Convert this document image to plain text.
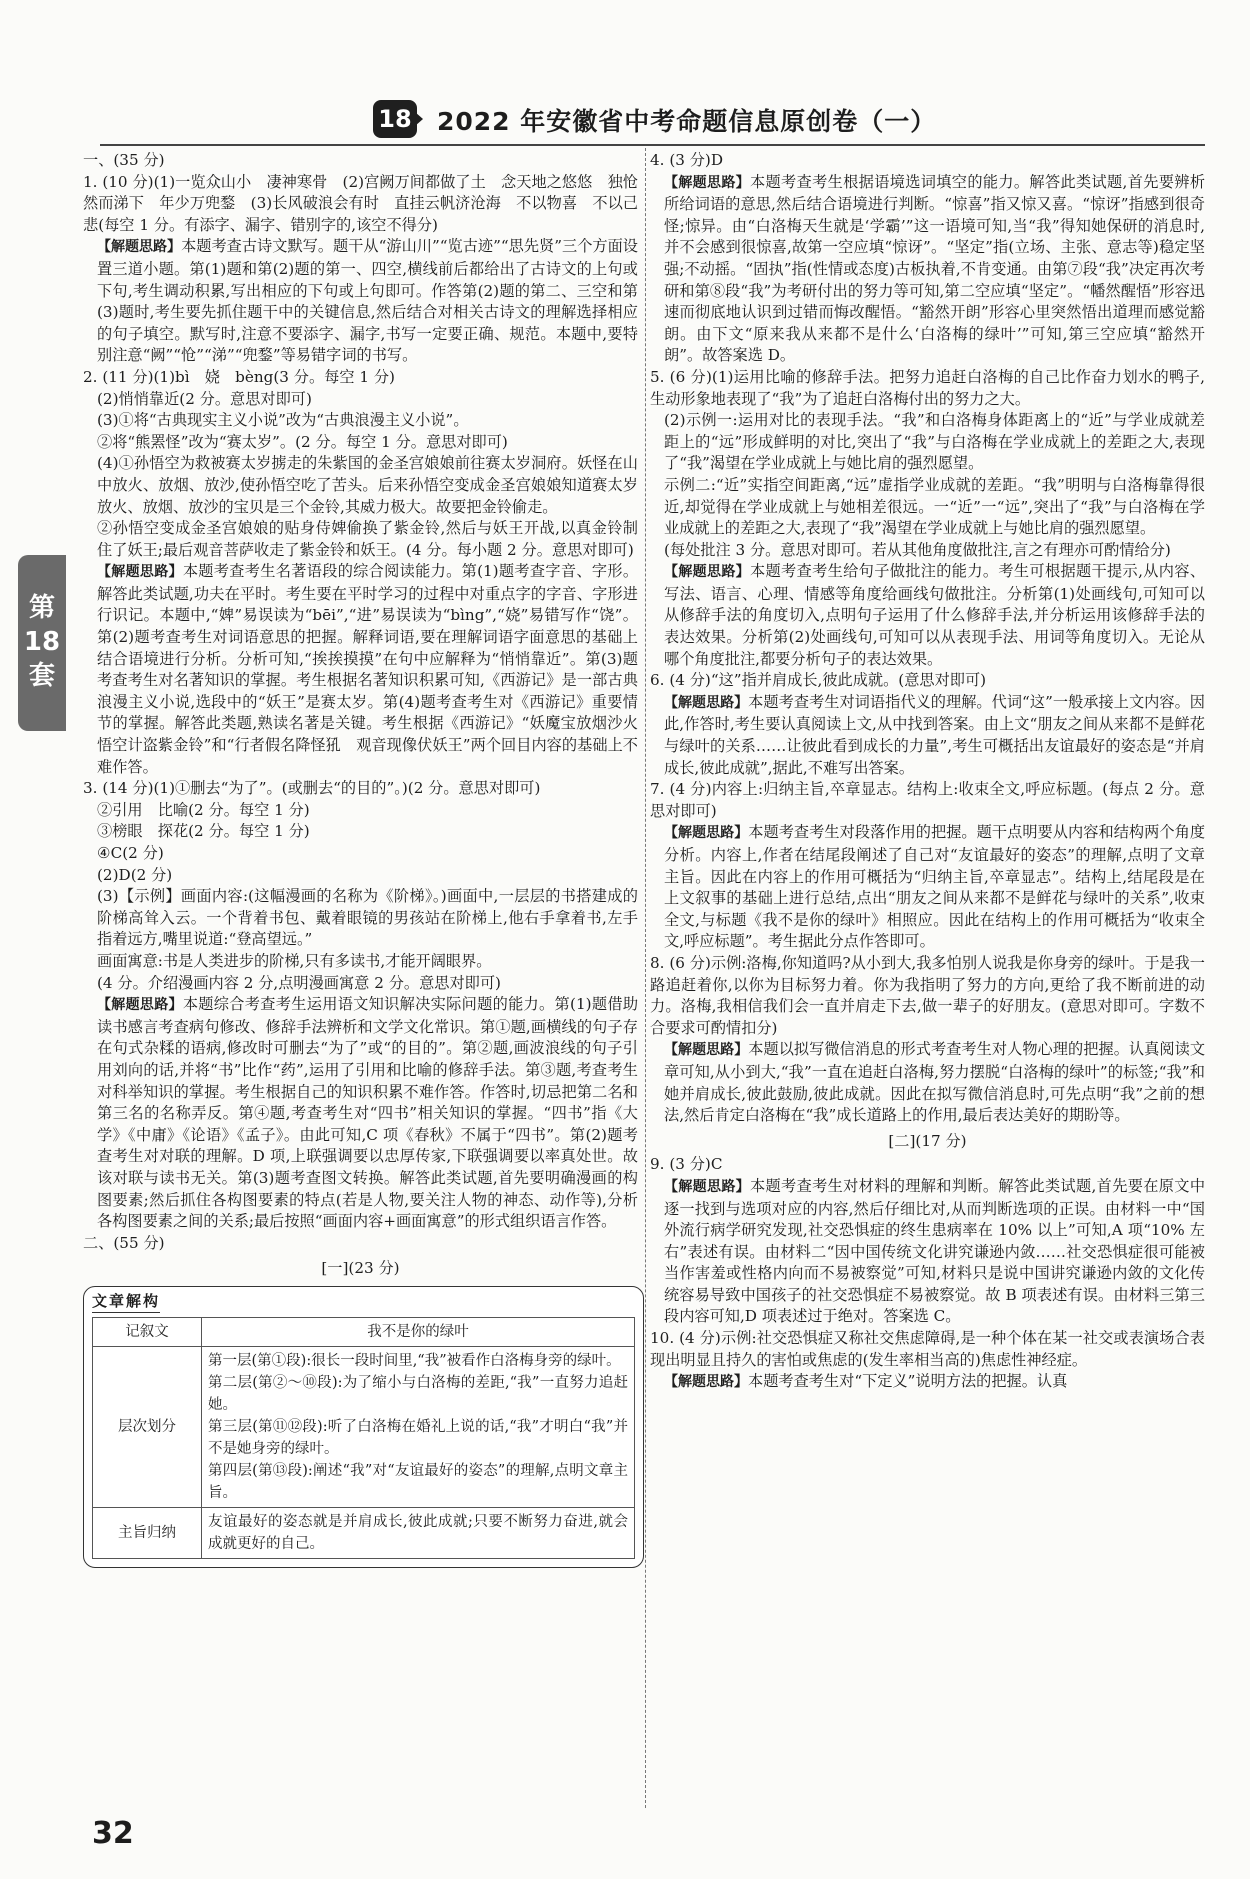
18 2022 年安徽省中考命题信息原创卷（一）
第
18
套

一、(35 分)

1. (10 分)(1)一览众山小　凄神寒骨　(2)宫阙万间都做了土　念天地之悠悠　独怆然而涕下　年少万兜鍪　(3)长风破浪会有时　直挂云帆济沧海　不以物喜　不以己悲(每空 1 分。有添字、漏字、错别字的,该空不得分)

【解题思路】本题考查古诗文默写。题干从“游山川”“览古迹”“思先贤”三个方面设置三道小题。第(1)题和第(2)题的第一、四空,横线前后都给出了古诗文的上句或下句,考生调动积累,写出相应的下句或上句即可。作答第(2)题的第二、三空和第(3)题时,考生要先抓住题干中的关键信息,然后结合对相关古诗文的理解选择相应的句子填空。默写时,注意不要添字、漏字,书写一定要正确、规范。本题中,要特别注意“阙”“怆”“涕”“兜鍪”等易错字词的书写。

2. (11 分)(1)bì　娆　bèng(3 分。每空 1 分)

(2)悄悄靠近(2 分。意思对即可)

(3)①将“古典现实主义小说”改为“古典浪漫主义小说”。

②将“熊罴怪”改为“赛太岁”。(2 分。每空 1 分。意思对即可)

(4)①孙悟空为救被赛太岁掳走的朱紫国的金圣宫娘娘前往赛太岁洞府。妖怪在山中放火、放烟、放沙,使孙悟空吃了苦头。后来孙悟空变成金圣宫娘娘知道赛太岁放火、放烟、放沙的宝贝是三个金铃,其威力极大。故要把金铃偷走。

②孙悟空变成金圣宫娘娘的贴身侍婢偷换了紫金铃,然后与妖王开战,以真金铃制住了妖王;最后观音菩萨收走了紫金铃和妖王。(4 分。每小题 2 分。意思对即可)

【解题思路】本题考查考生名著语段的综合阅读能力。第(1)题考查字音、字形。解答此类试题,功夫在平时。考生要在平时学习的过程中对重点字的字音、字形进行识记。本题中,“婢”易误读为“bēi”,“进”易误读为“bìng”,“娆”易错写作“饶”。第(2)题考查考生对词语意思的把握。解释词语,要在理解词语字面意思的基础上结合语境进行分析。分析可知,“挨挨摸摸”在句中应解释为“悄悄靠近”。第(3)题考查考生对名著知识的掌握。考生根据名著知识积累可知,《西游记》是一部古典浪漫主义小说,选段中的“妖王”是赛太岁。第(4)题考查考生对《西游记》重要情节的掌握。解答此类题,熟读名著是关键。考生根据《西游记》“妖魔宝放烟沙火　悟空计盗紫金铃”和“行者假名降怪犼　观音现像伏妖王”两个回目内容的基础上不难作答。

3. (14 分)(1)①删去“为了”。(或删去“的目的”。)(2 分。意思对即可)

②引用　比喻(2 分。每空 1 分)

③榜眼　探花(2 分。每空 1 分)

④C(2 分)

(2)D(2 分)

(3)【示例】画面内容:(这幅漫画的名称为《阶梯》。)画面中,一层层的书搭建成的阶梯高耸入云。一个背着书包、戴着眼镜的男孩站在阶梯上,他右手拿着书,左手指着远方,嘴里说道:“登高望远。”

画面寓意:书是人类进步的阶梯,只有多读书,才能开阔眼界。

(4 分。介绍漫画内容 2 分,点明漫画寓意 2 分。意思对即可)

【解题思路】本题综合考查考生运用语文知识解决实际问题的能力。第(1)题借助读书感言考查病句修改、修辞手法辨析和文学文化常识。第①题,画横线的句子存在句式杂糅的语病,修改时可删去“为了”或“的目的”。第②题,画波浪线的句子引用刘向的话,并将“书”比作“药”,运用了引用和比喻的修辞手法。第③题,考查考生对科举知识的掌握。考生根据自己的知识积累不难作答。作答时,切忌把第二名和第三名的名称弄反。第④题,考查考生对“四书”相关知识的掌握。“四书”指《大学》《中庸》《论语》《孟子》。由此可知,C 项《春秋》不属于“四书”。第(2)题考查考生对对联的理解。D 项,上联强调要以忠厚传家,下联强调要以率真处世。故该对联与读书无关。第(3)题考查图文转换。解答此类试题,首先要明确漫画的构图要素;然后抓住各构图要素的特点(若是人物,要关注人物的神态、动作等),分析各构图要素之间的关系;最后按照“画面内容+画面寓意”的形式组织语言作答。

二、(55 分)

[一](23 分)

文章解构
记叙文	我不是你的绿叶
层次划分	第一层(第①段):很长一段时间里,“我”被看作白洛梅身旁的绿叶。
第二层(第②～⑩段):为了缩小与白洛梅的差距,“我”一直努力追赶她。
第三层(第⑪⑫段):听了白洛梅在婚礼上说的话,“我”才明白“我”并不是她身旁的绿叶。
第四层(第⑬段):阐述“我”对“友谊最好的姿态”的理解,点明文章主旨。

主旨归纳	友谊最好的姿态就是并肩成长,彼此成就;只要不断努力奋进,就会成就更好的自己。

4. (3 分)D

【解题思路】本题考查考生根据语境选词填空的能力。解答此类试题,首先要辨析所给词语的意思,然后结合语境进行判断。“惊喜”指又惊又喜。“惊讶”指感到很奇怪;惊异。由“白洛梅天生就是‘学霸’”这一语境可知,当“我”得知她保研的消息时,并不会感到很惊喜,故第一空应填“惊讶”。“坚定”指(立场、主张、意志等)稳定坚强;不动摇。“固执”指(性情或态度)古板执着,不肯变通。由第⑦段“我”决定再次考研和第⑧段“我”为考研付出的努力等可知,第二空应填“坚定”。“幡然醒悟”形容迅速而彻底地认识到过错而悔改醒悟。“豁然开朗”形容心里突然悟出道理而感觉豁朗。由下文“原来我从来都不是什么‘白洛梅的绿叶’”可知,第三空应填“豁然开朗”。故答案选 D。

5. (6 分)(1)运用比喻的修辞手法。把努力追赶白洛梅的自己比作奋力划水的鸭子,生动形象地表现了“我”为了追赶白洛梅付出的努力之大。

(2)示例一:运用对比的表现手法。“我”和白洛梅身体距离上的“近”与学业成就差距上的“远”形成鲜明的对比,突出了“我”与白洛梅在学业成就上的差距之大,表现了“我”渴望在学业成就上与她比肩的强烈愿望。

示例二:“近”实指空间距离,“远”虚指学业成就的差距。“我”明明与白洛梅靠得很近,却觉得在学业成就上与她相差很远。一“近”一“远”,突出了“我”与白洛梅在学业成就上的差距之大,表现了“我”渴望在学业成就上与她比肩的强烈愿望。

(每处批注 3 分。意思对即可。若从其他角度做批注,言之有理亦可酌情给分)

【解题思路】本题考查考生给句子做批注的能力。考生可根据题干提示,从内容、写法、语言、心理、情感等角度给画线句做批注。分析第(1)处画线句,可知可以从修辞手法的角度切入,点明句子运用了什么修辞手法,并分析运用该修辞手法的表达效果。分析第(2)处画线句,可知可以从表现手法、用词等角度切入。无论从哪个角度批注,都要分析句子的表达效果。

6. (4 分)“这”指并肩成长,彼此成就。(意思对即可)

【解题思路】本题考查考生对词语指代义的理解。代词“这”一般承接上文内容。因此,作答时,考生要认真阅读上文,从中找到答案。由上文“朋友之间从来都不是鲜花与绿叶的关系……让彼此看到成长的力量”,考生可概括出友谊最好的姿态是“并肩成长,彼此成就”,据此,不难写出答案。

7. (4 分)内容上:归纳主旨,卒章显志。结构上:收束全文,呼应标题。(每点 2 分。意思对即可)

【解题思路】本题考查考生对段落作用的把握。题干点明要从内容和结构两个角度分析。内容上,作者在结尾段阐述了自己对“友谊最好的姿态”的理解,点明了文章主旨。因此在内容上的作用可概括为“归纳主旨,卒章显志”。结构上,结尾段是在上文叙事的基础上进行总结,点出“朋友之间从来都不是鲜花与绿叶的关系”,收束全文,与标题《我不是你的绿叶》相照应。因此在结构上的作用可概括为“收束全文,呼应标题”。考生据此分点作答即可。

8. (6 分)示例:洛梅,你知道吗?从小到大,我多怕别人说我是你身旁的绿叶。于是我一路追赶着你,以你为目标努力着。你为我指明了努力的方向,更给了我不断前进的动力。洛梅,我相信我们会一直并肩走下去,做一辈子的好朋友。(意思对即可。字数不合要求可酌情扣分)

【解题思路】本题以拟写微信消息的形式考查考生对人物心理的把握。认真阅读文章可知,从小到大,“我”一直在追赶白洛梅,努力摆脱“白洛梅的绿叶”的标签;“我”和她并肩成长,彼此鼓励,彼此成就。因此在拟写微信消息时,可先点明“我”之前的想法,然后肯定白洛梅在“我”成长道路上的作用,最后表达美好的期盼等。

[二](17 分)

9. (3 分)C

【解题思路】本题考查考生对材料的理解和判断。解答此类试题,首先要在原文中逐一找到与选项对应的内容,然后仔细比对,从而判断选项的正误。由材料一中“国外流行病学研究发现,社交恐惧症的终生患病率在 10% 以上”可知,A 项“10% 左右”表述有误。由材料二“因中国传统文化讲究谦逊内敛……社交恐惧症很可能被当作害羞或性格内向而不易被察觉”可知,材料只是说中国讲究谦逊内敛的文化传统容易导致中国孩子的社交恐惧症不易被察觉。故 B 项表述有误。由材料三第三段内容可知,D 项表述过于绝对。答案选 C。

10. (4 分)示例:社交恐惧症又称社交焦虑障碍,是一种个体在某一社交或表演场合表现出明显且持久的害怕或焦虑的(发生率相当高的)焦虑性神经症。

【解题思路】本题考查考生对“下定义”说明方法的把握。认真

32
